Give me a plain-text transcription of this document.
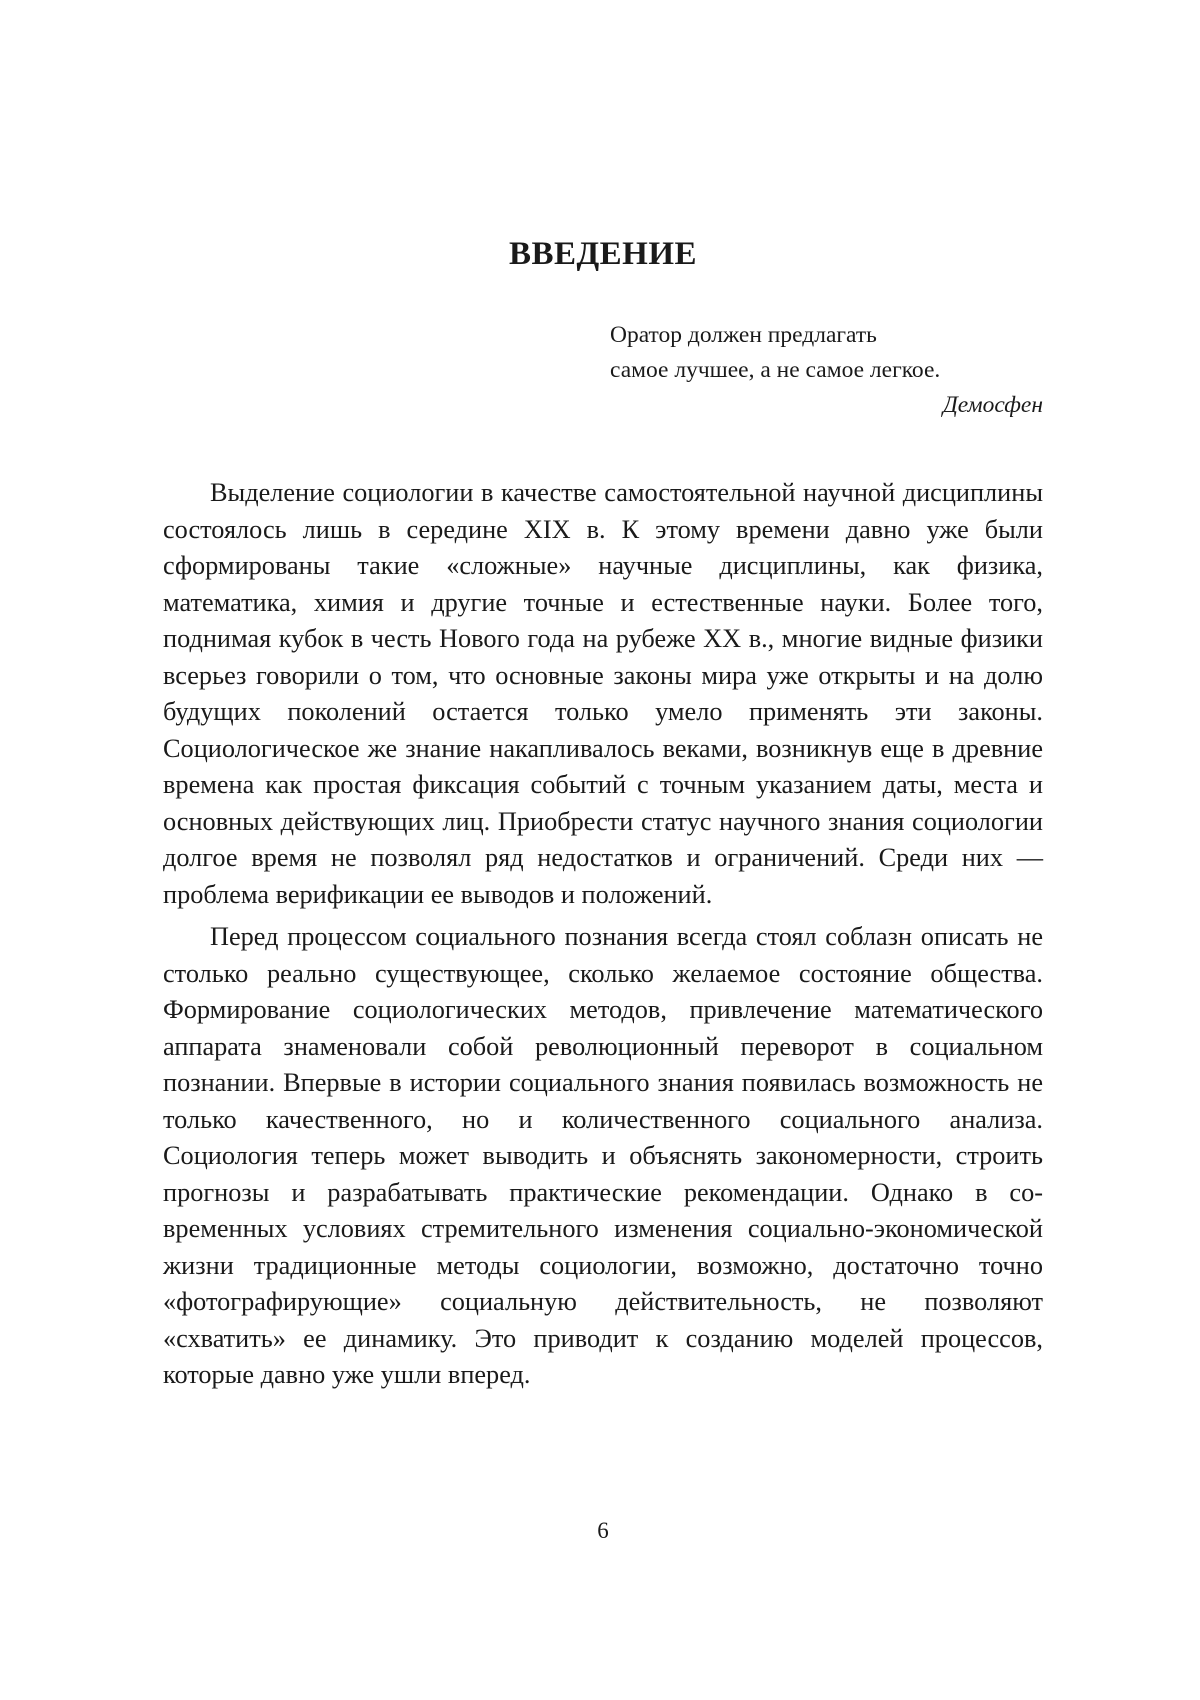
ВВЕДЕНИЕ
Оратор должен предлагать
самое лучшее, а не самое легкое.
Демосфен

Выделение социологии в качестве самостоятельной научной дисциплины состоялось лишь в середине XIX в. К этому времени давно уже были сформированы такие «сложные» научные дисциплины, как физика, математика, химия и другие точные и естественные науки. Более того, поднимая кубок в честь Нового года на рубеже XX в., многие видные физики всерьез говорили о том, что основные законы мира уже открыты и на долю будущих поколений остается только умело применять эти законы. Социологическое же знание накапливалось веками, возникнув еще в древние времена как простая фиксация событий с точным указанием даты, места и основных действующих лиц. Приобрести статус научного знания социологии долгое время не позволял ряд недостатков и ограничений. Среди них — проблема верификации ее выводов и положений.

Перед процессом социального познания всегда стоял соблазн описать не столько реально существующее, сколько желаемое состояние общества. Формирование социологических методов, привлечение математического аппарата знаменовали собой революционный переворот в социальном познании. Впервые в истории социального знания появилась возможность не только качественного, но и количественного социального анализа. Социология теперь может выводить и объяснять закономерности, строить прогнозы и разрабатывать практические рекомендации. Однако в современных условиях стремительного изменения социально-экономической жизни традиционные методы социологии, возможно, достаточно точно «фотографирующие» социальную действительность, не позволяют «схватить» ее динамику. Это приводит к созданию моделей процессов, которые давно уже ушли вперед.

6
